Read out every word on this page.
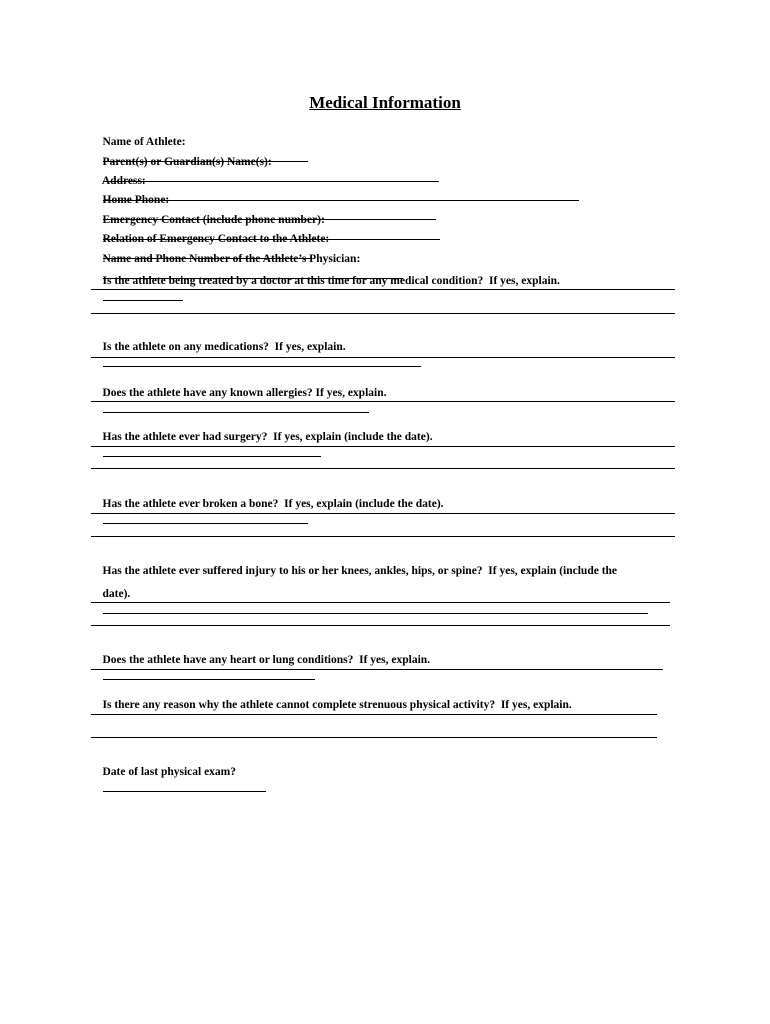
Medical Information

Name of Athlete:

Parent(s) or Guardian(s) Name(s):

Address:

Home Phone:

Emergency Contact (include phone number):

Relation of Emergency Contact to the Athlete:

Name and Phone Number of the Athlete’s Physician:

Is the athlete being treated by a doctor at this time for any medical condition?  If yes, explain.

Is the athlete on any medications?  If yes, explain.

Does the athlete have any known allergies? If yes, explain.

Has the athlete ever had surgery?  If yes, explain (include the date).

Has the athlete ever broken a bone?  If yes, explain (include the date).

Has the athlete ever suffered injury to his or her knees, ankles, hips, or spine?  If yes, explain (include the

date).

Does the athlete have any heart or lung conditions?  If yes, explain.

Is there any reason why the athlete cannot complete strenuous physical activity?  If yes, explain.

Date of last physical exam?
